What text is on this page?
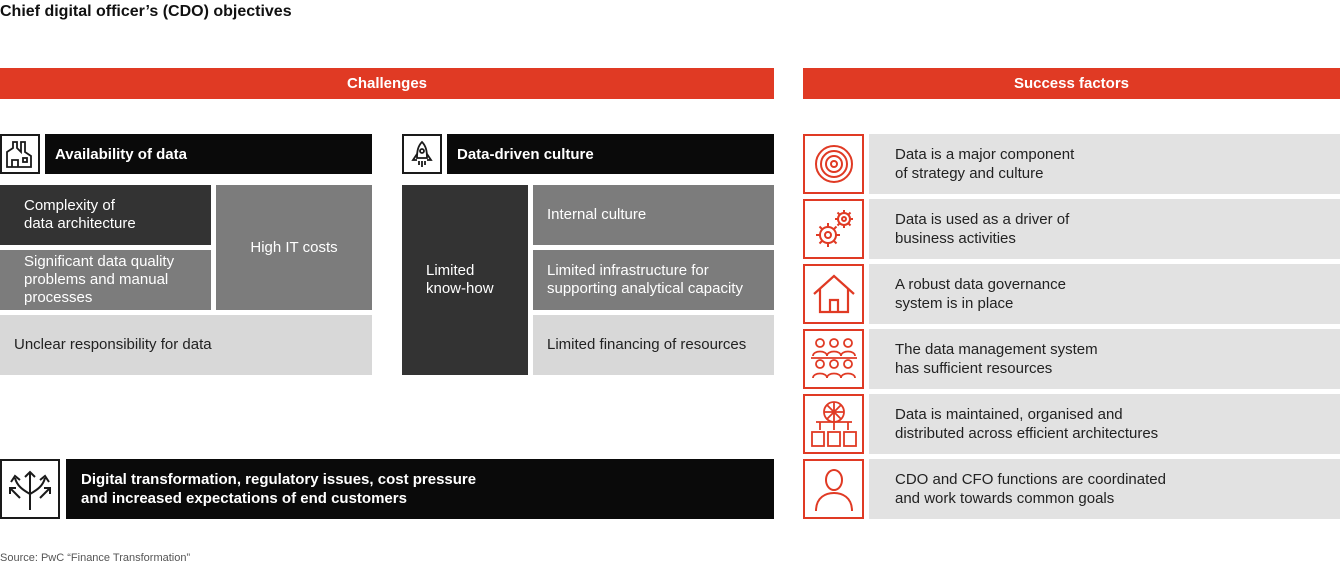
Chief digital officer’s (CDO) objectives
Challenges	Success factors
Availability of data
Complexity of
data architecture
Significant data quality
problems and manual
processes
High IT costs
Unclear responsibility for data
Data-driven culture
Limited
know-how
Internal culture
Limited infrastructure for
supporting analytical capacity
Limited financing of resources
Digital transformation, regulatory issues, cost pressure
and increased expectations of end customers
Data is a major component
of strategy and culture
Data is used as a driver of
business activities
A robust data governance
system is in place
The data management system
has sufficient resources
Data is maintained, organised and
distributed across efficient architectures
CDO and CFO functions are coordinated
and work towards common goals
Source: PwC “Finance Transformation”
